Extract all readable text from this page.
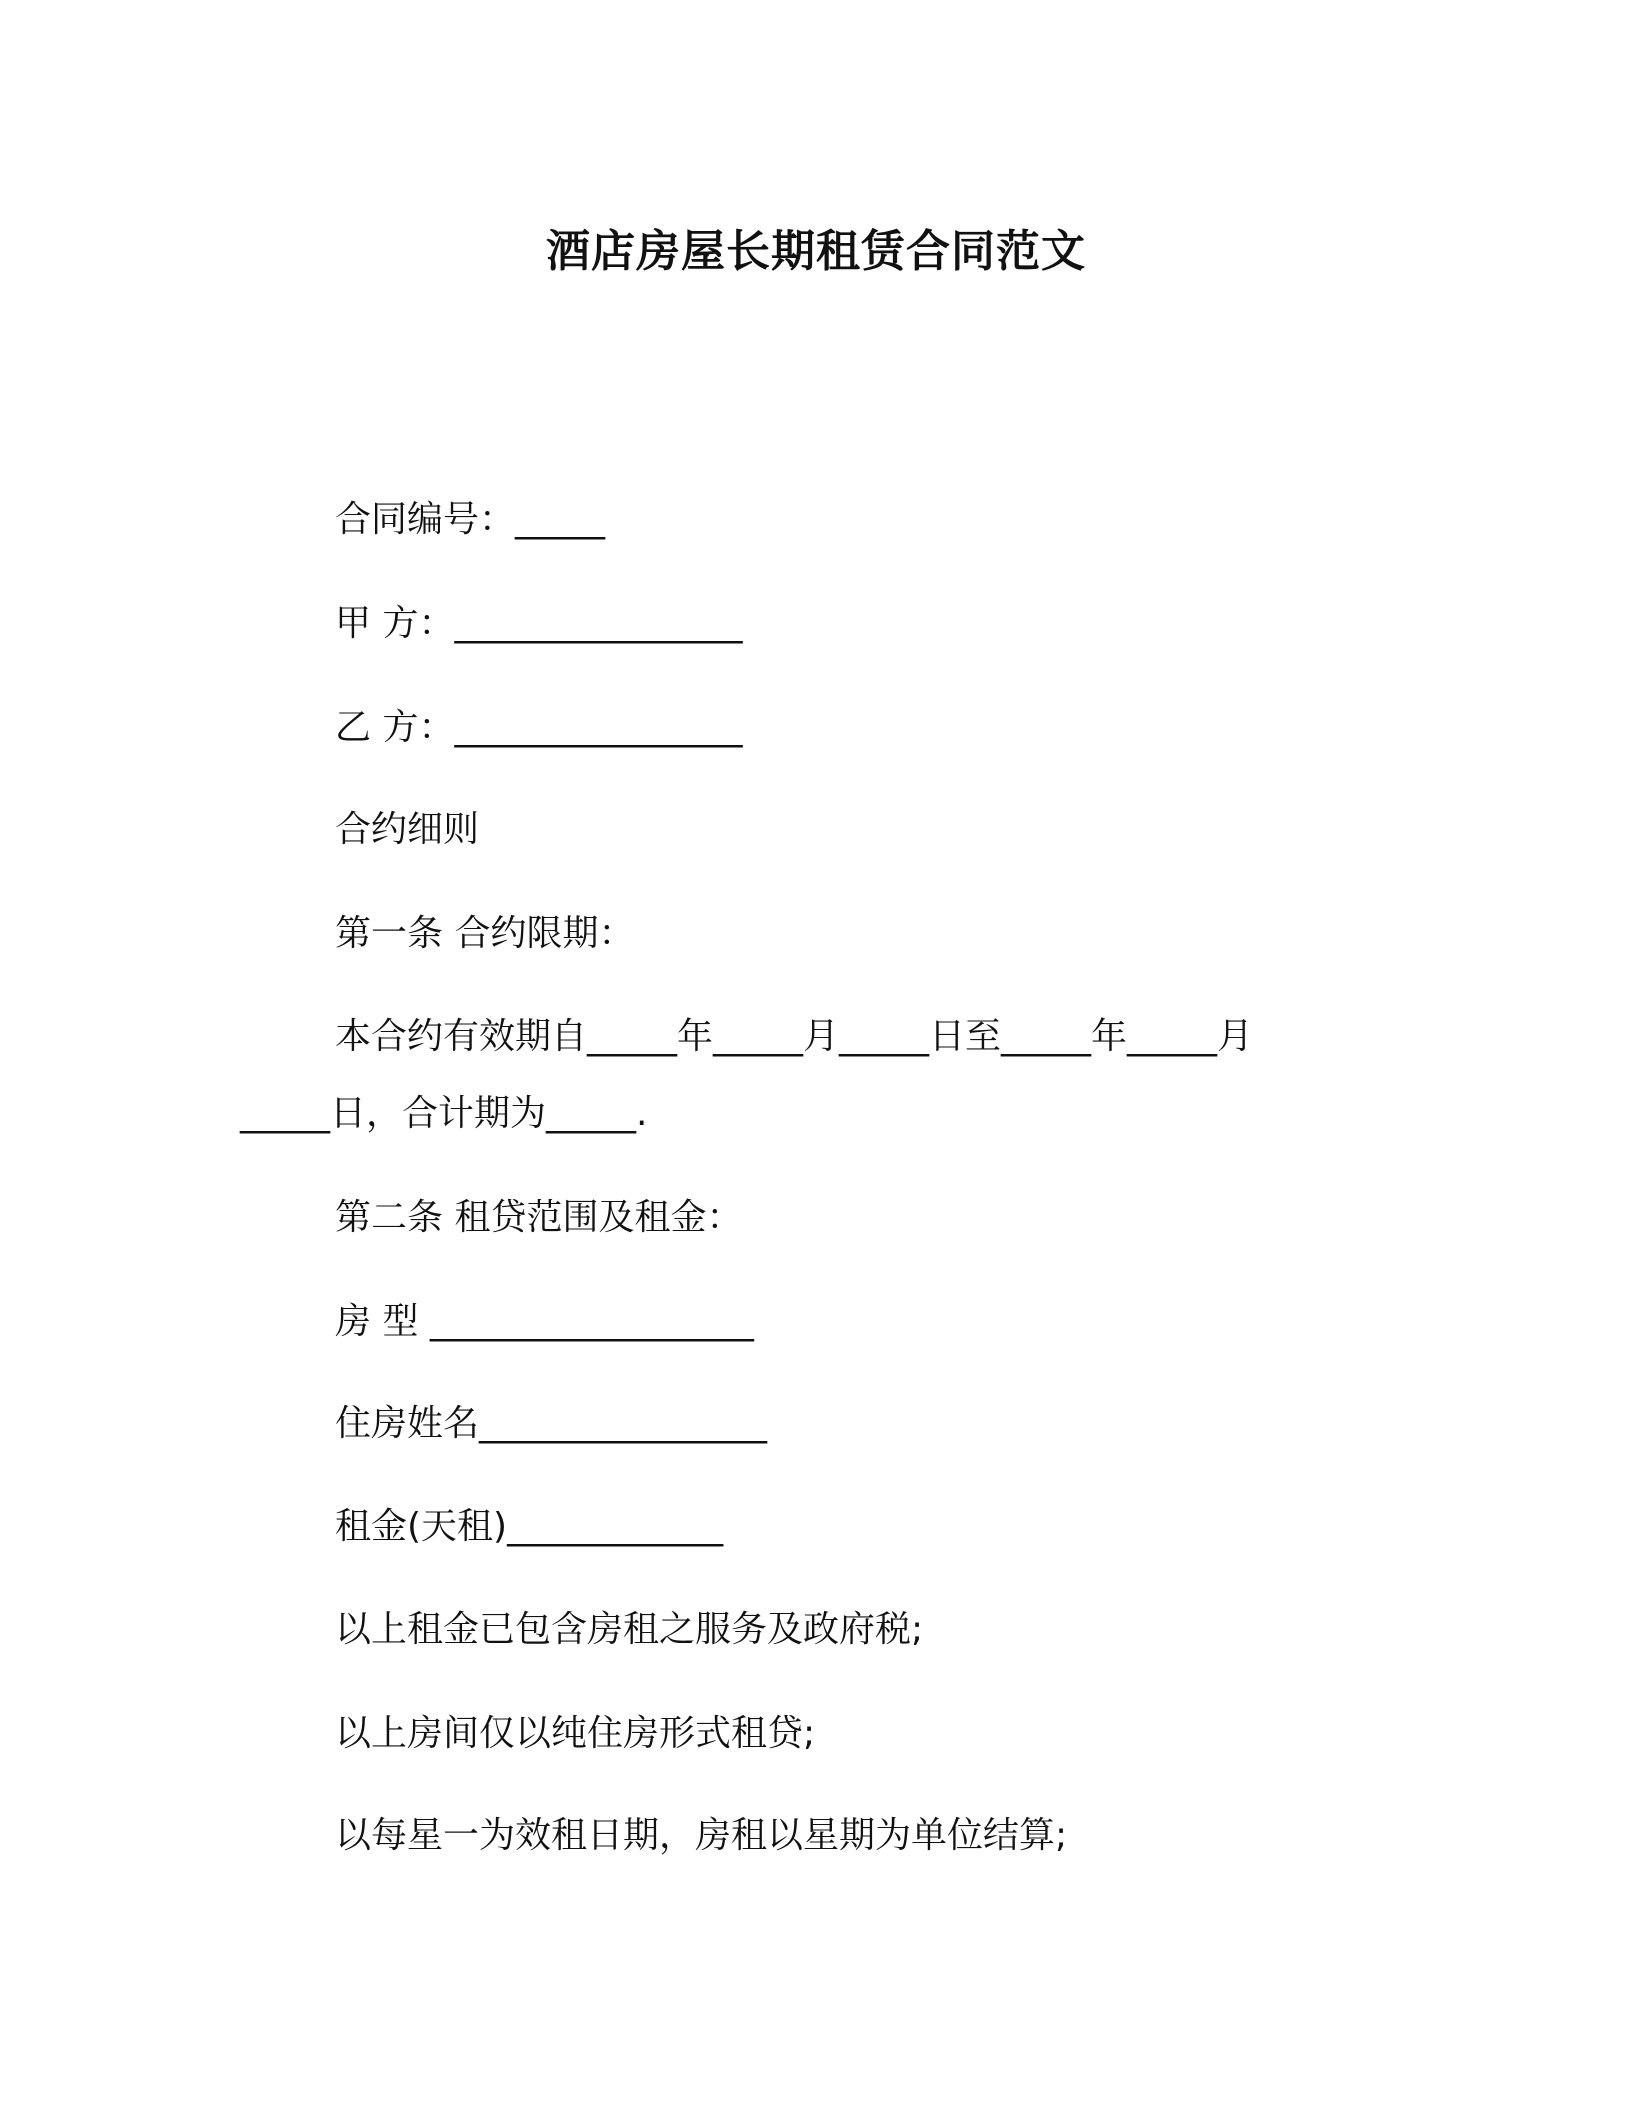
酒店房屋长期租赁合同范文
合同编号：_____
甲 方：________________
乙 方：________________
合约细则
第一条 合约限期：
本合约有效期自_____年_____月_____日至_____年_____月
_____日，合计期为_____.
第二条 租贷范围及租金：
房 型 __________________
住房姓名________________
租金(天租)____________
以上租金已包含房租之服务及政府税;
以上房间仅以纯住房形式租贷;
以每星一为效租日期，房租以星期为单位结算;
